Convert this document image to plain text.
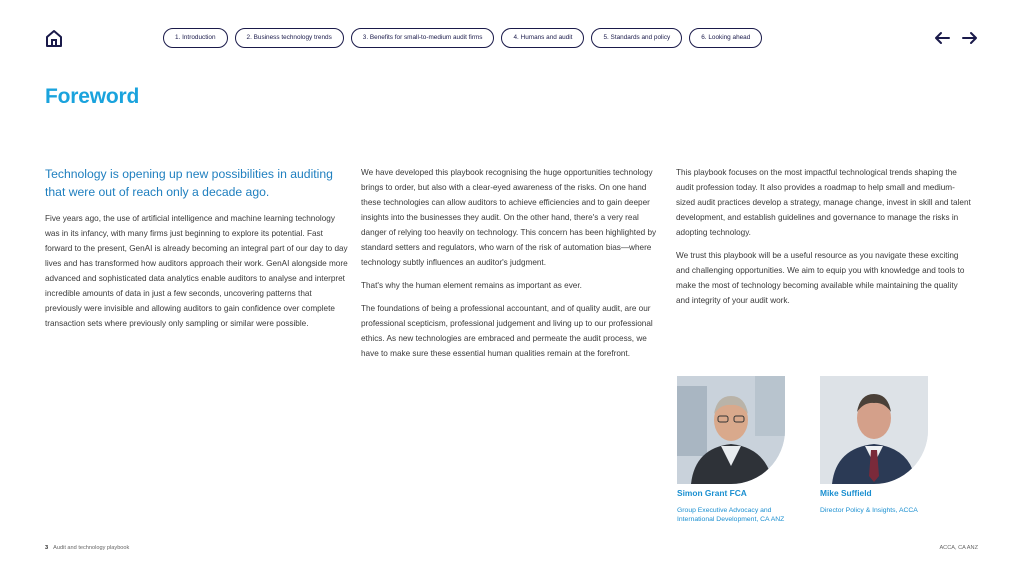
1. Introduction	2. Business technology trends	3. Benefits for small-to-medium audit firms	4. Humans and audit	5. Standards and policy	6. Looking ahead
Foreword

Technology is opening up new possibilities in auditing that were out of reach only a decade ago.

Five years ago, the use of artificial intelligence and machine learning technology was in its infancy, with many firms just beginning to explore its potential. Fast forward to the present, GenAI is already becoming an integral part of our day to day lives and has transformed how auditors approach their work. GenAI alongside more advanced and sophisticated data analytics enable auditors to analyse and interpret incredible amounts of data in just a few seconds, uncovering patterns that previously were invisible and allowing auditors to gain confidence over complete transaction sets where previously only sampling or similar were possible.

We have developed this playbook recognising the huge opportunities technology brings to order, but also with a clear-eyed awareness of the risks. On one hand these technologies can allow auditors to achieve efficiencies and to gain deeper insights into the businesses they audit. On the other hand, there's a very real danger of relying too heavily on technology. This concern has been highlighted by standard setters and regulators, who warn of the risk of automation bias—where technology subtly influences an auditor's judgment.

That's why the human element remains as important as ever.

The foundations of being a professional accountant, and of quality audit, are our professional scepticism, professional judgement and living up to our professional ethics. As new technologies are embraced and permeate the audit process, we have to make sure these essential human qualities remain at the forefront.

This playbook focuses on the most impactful technological trends shaping the audit profession today. It also provides a roadmap to help small and medium-sized audit practices develop a strategy, manage change, invest in skill and talent development, and establish guidelines and governance to manage the risks in adopting technology.

We trust this playbook will be a useful resource as you navigate these exciting and challenging opportunities. We aim to equip you with knowledge and tools to make the most of technology becoming available while maintaining the quality and integrity of your audit work.

Simon Grant FCA
Group Executive Advocacy and International Development, CA ANZ
Mike Suffield
Director Policy & Insights, ACCA
3 Audit and technology playbook	ACCA, CA ANZ
